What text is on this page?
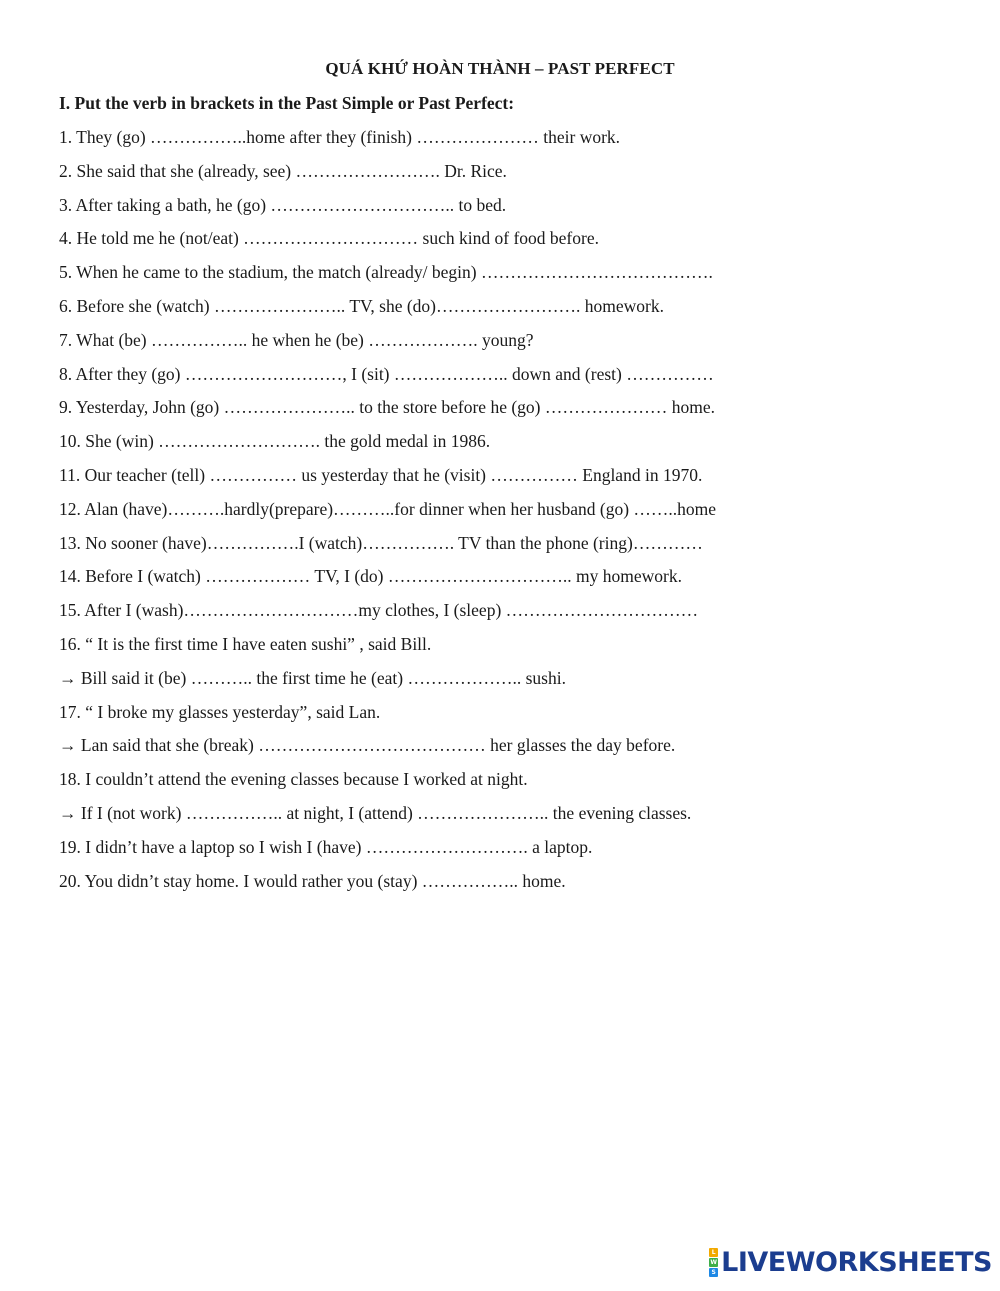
QUÁ KHỨ HOÀN THÀNH – PAST PERFECT
I. Put the verb in brackets in the Past Simple or Past Perfect:
1. They (go) ……………..home after they (finish) ………………… their work.
2. She said that she (already, see) ……………………. Dr. Rice.
3. After taking a bath, he (go) ………………………….. to bed.
4. He told me he (not/eat) ………………………… such kind of food before.
5. When he came to the stadium, the match (already/ begin) ………………………………….
6. Before she (watch) ………………….. TV, she (do)……………………. homework.
7. What (be) …………….. he when he (be) ………………. young?
8. After they (go) ………………………, I (sit) ……………….. down and (rest) ……………
9. Yesterday, John (go) ………………….. to the store before he (go) ………………… home.
10. She (win) ………………………. the gold medal in 1986.
11. Our teacher (tell) …………… us yesterday that he (visit) …………… England in 1970.
12. Alan (have)……….hardly(prepare)………..for dinner when her husband (go) ……..home
13. No sooner (have)…………….I (watch)……………. TV than the phone (ring)…………
14. Before I (watch) ……………… TV, I (do) ………………………….. my homework.
15. After I (wash)…………………………my clothes, I (sleep) ……………………………
16. “ It is the first time I have eaten sushi” , said Bill.
→ Bill said it (be) ……….. the first time he (eat) ……………….. sushi.
17. “ I broke my glasses yesterday”, said Lan.
→ Lan said that she (break) ………………………………… her glasses the day before.
18. I couldn’t attend the evening classes because I worked at night.
→ If I (not work) …………….. at night, I (attend) ………………….. the evening classes.
19. I didn’t have a laptop so I wish I (have) ………………………. a laptop.
20. You didn’t stay home. I would rather you (stay) …………….. home.
L
W
S LIVEWORKSHEETS
